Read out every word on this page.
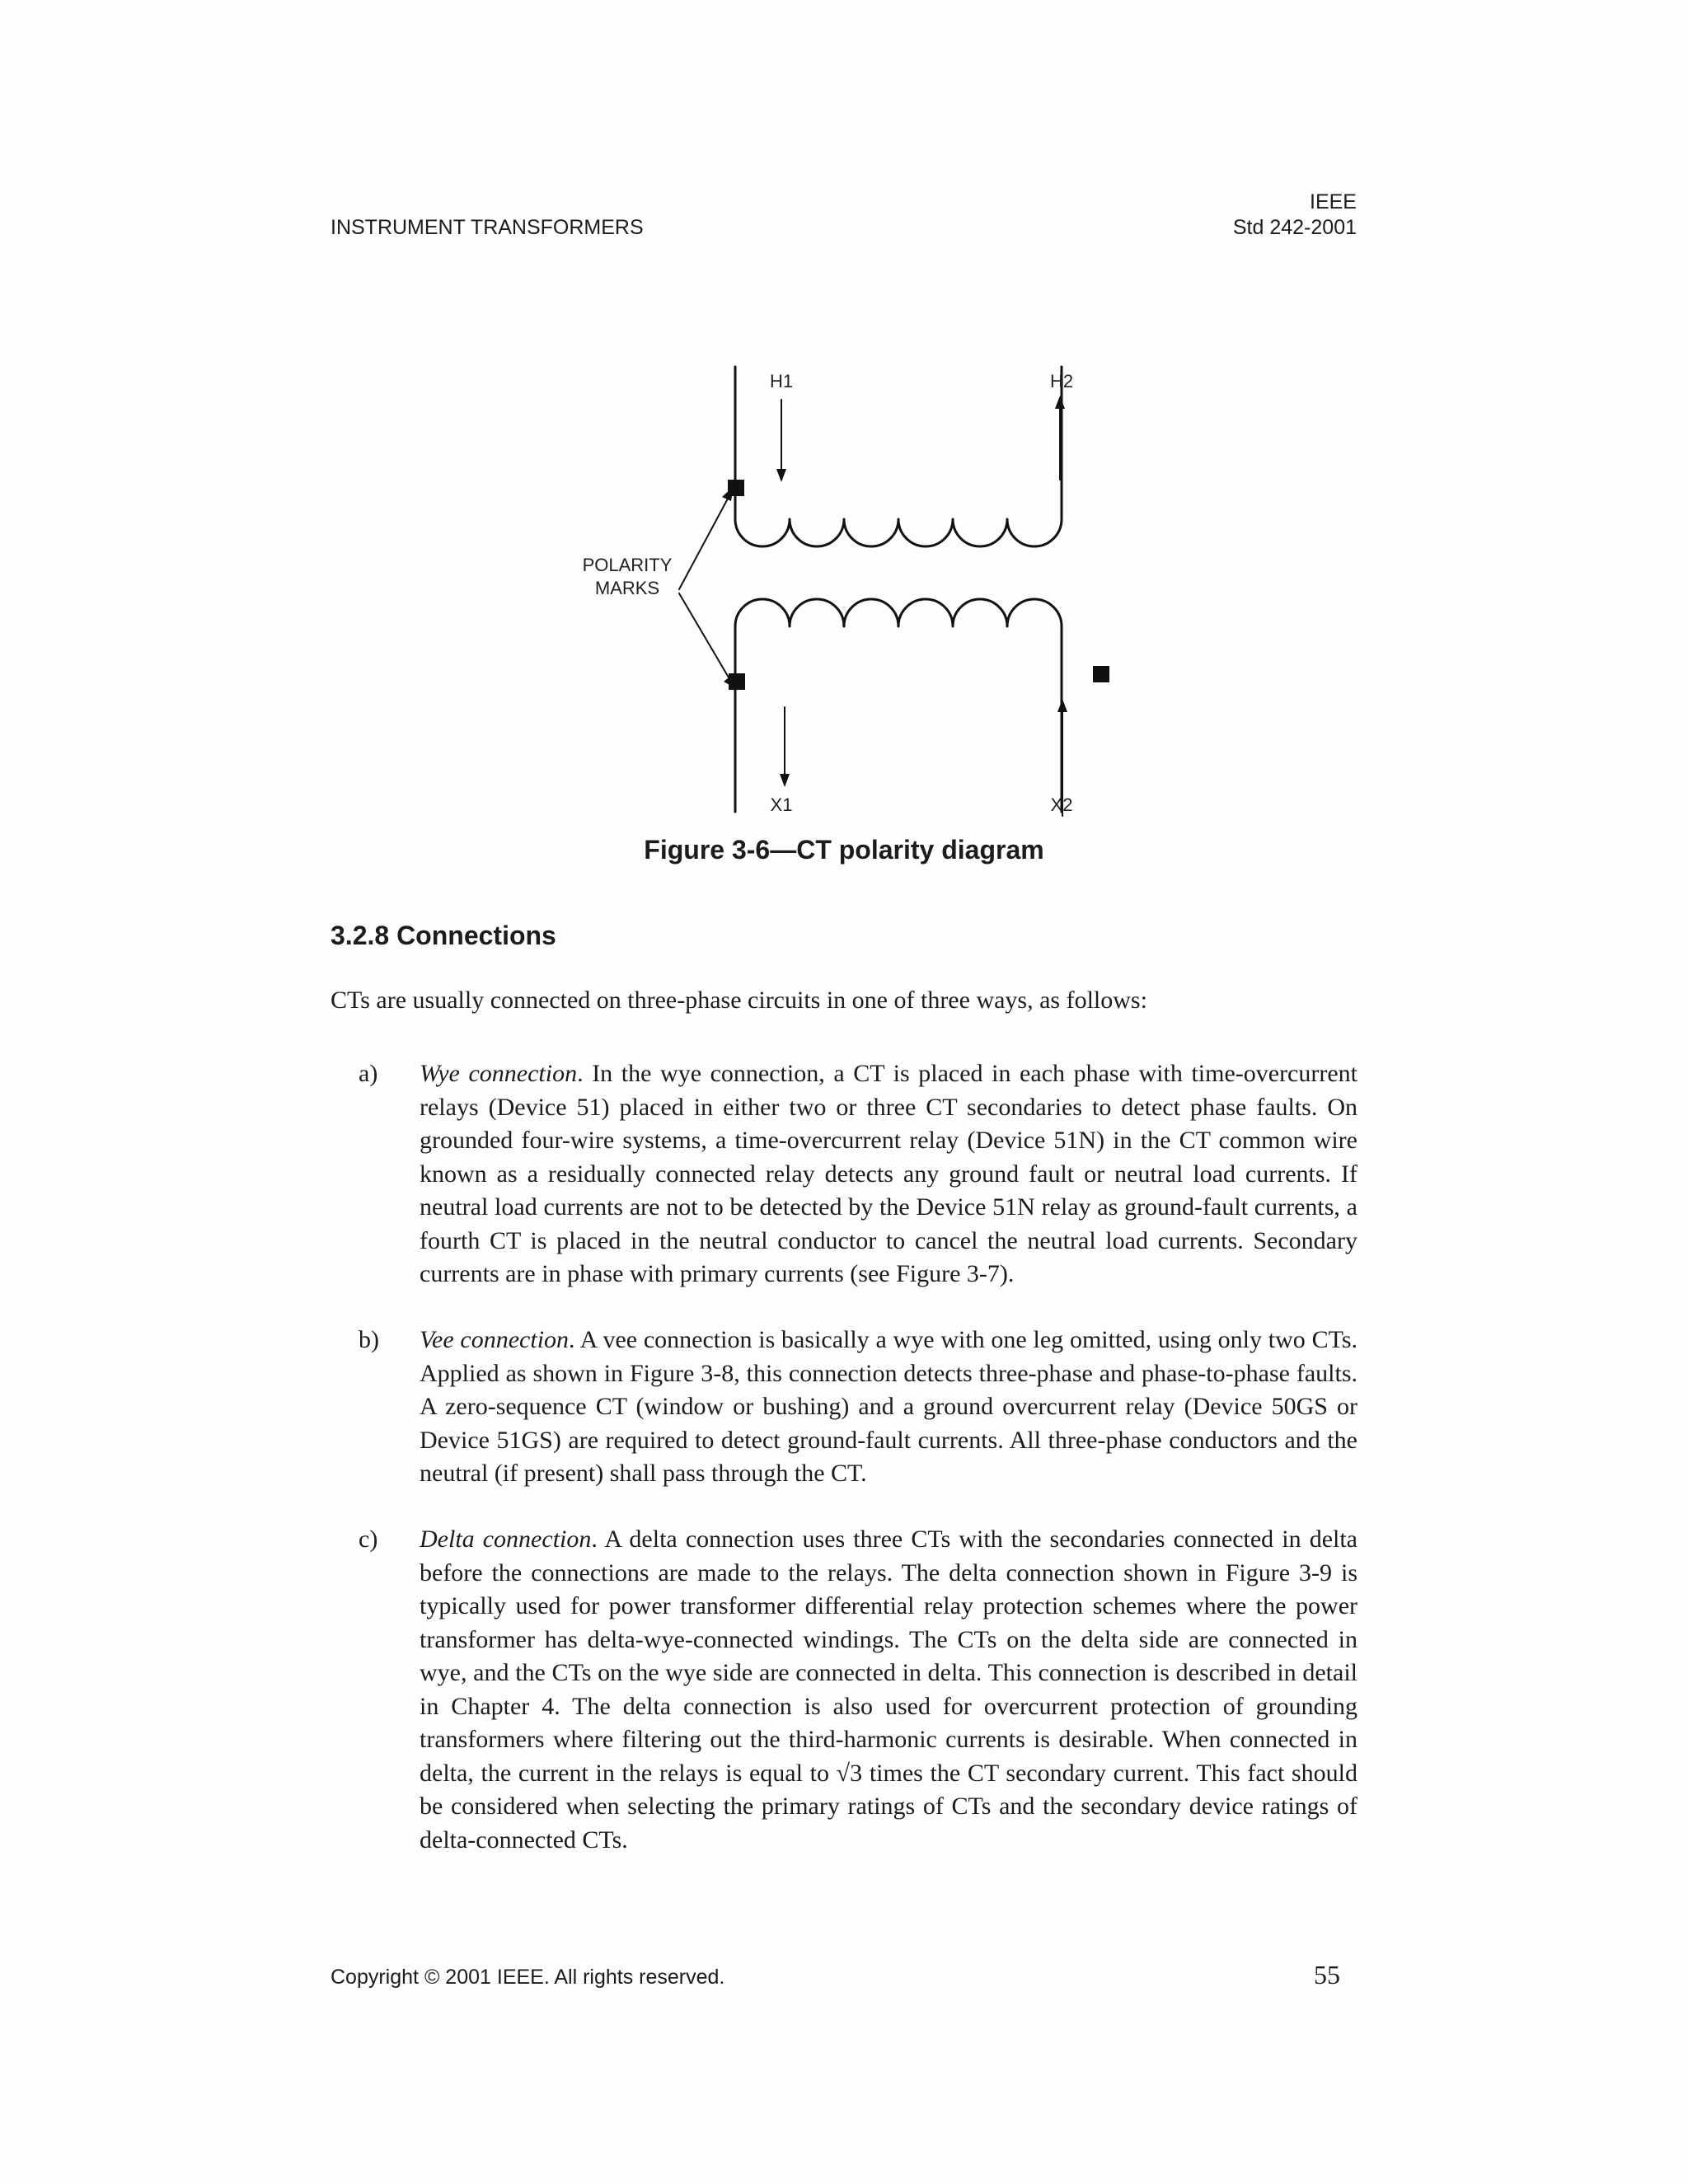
INSTRUMENT TRANSFORMERS
IEEE
Std 242-2001
H1	H2
X1	X2
POLARITY
MARKS
Figure 3-6—CT polarity diagram
3.2.8 Connections
CTs are usually connected on three-phase circuits in one of three ways, as follows:
a) Wye connection. In the wye connection, a CT is placed in each phase with time-overcurrent relays (Device 51) placed in either two or three CT secondaries to detect phase faults. On grounded four-wire systems, a time-overcurrent relay (Device 51N) in the CT common wire known as a residually connected relay detects any ground fault or neutral load currents. If neutral load currents are not to be detected by the Device 51N relay as ground-fault currents, a fourth CT is placed in the neutral conductor to cancel the neutral load currents. Secondary currents are in phase with primary currents (see Figure 3-7).
b) Vee connection. A vee connection is basically a wye with one leg omitted, using only two CTs. Applied as shown in Figure 3-8, this connection detects three-phase and phase-to-phase faults. A zero-sequence CT (window or bushing) and a ground overcurrent relay (Device 50GS or Device 51GS) are required to detect ground-fault currents. All three-phase conductors and the neutral (if present) shall pass through the CT.
c) Delta connection. A delta connection uses three CTs with the secondaries connected in delta before the connections are made to the relays. The delta connection shown in Figure 3-9 is typically used for power transformer differential relay protection schemes where the power transformer has delta-wye-connected windings. The CTs on the delta side are connected in wye, and the CTs on the wye side are connected in delta. This connection is described in detail in Chapter 4. The delta connection is also used for overcurrent protection of grounding transformers where filtering out the third-harmonic currents is desirable. When connected in delta, the current in the relays is equal to √3 times the CT secondary current. This fact should be considered when selecting the primary ratings of CTs and the secondary device ratings of delta-connected CTs.
Copyright © 2001 IEEE. All rights reserved.	55
